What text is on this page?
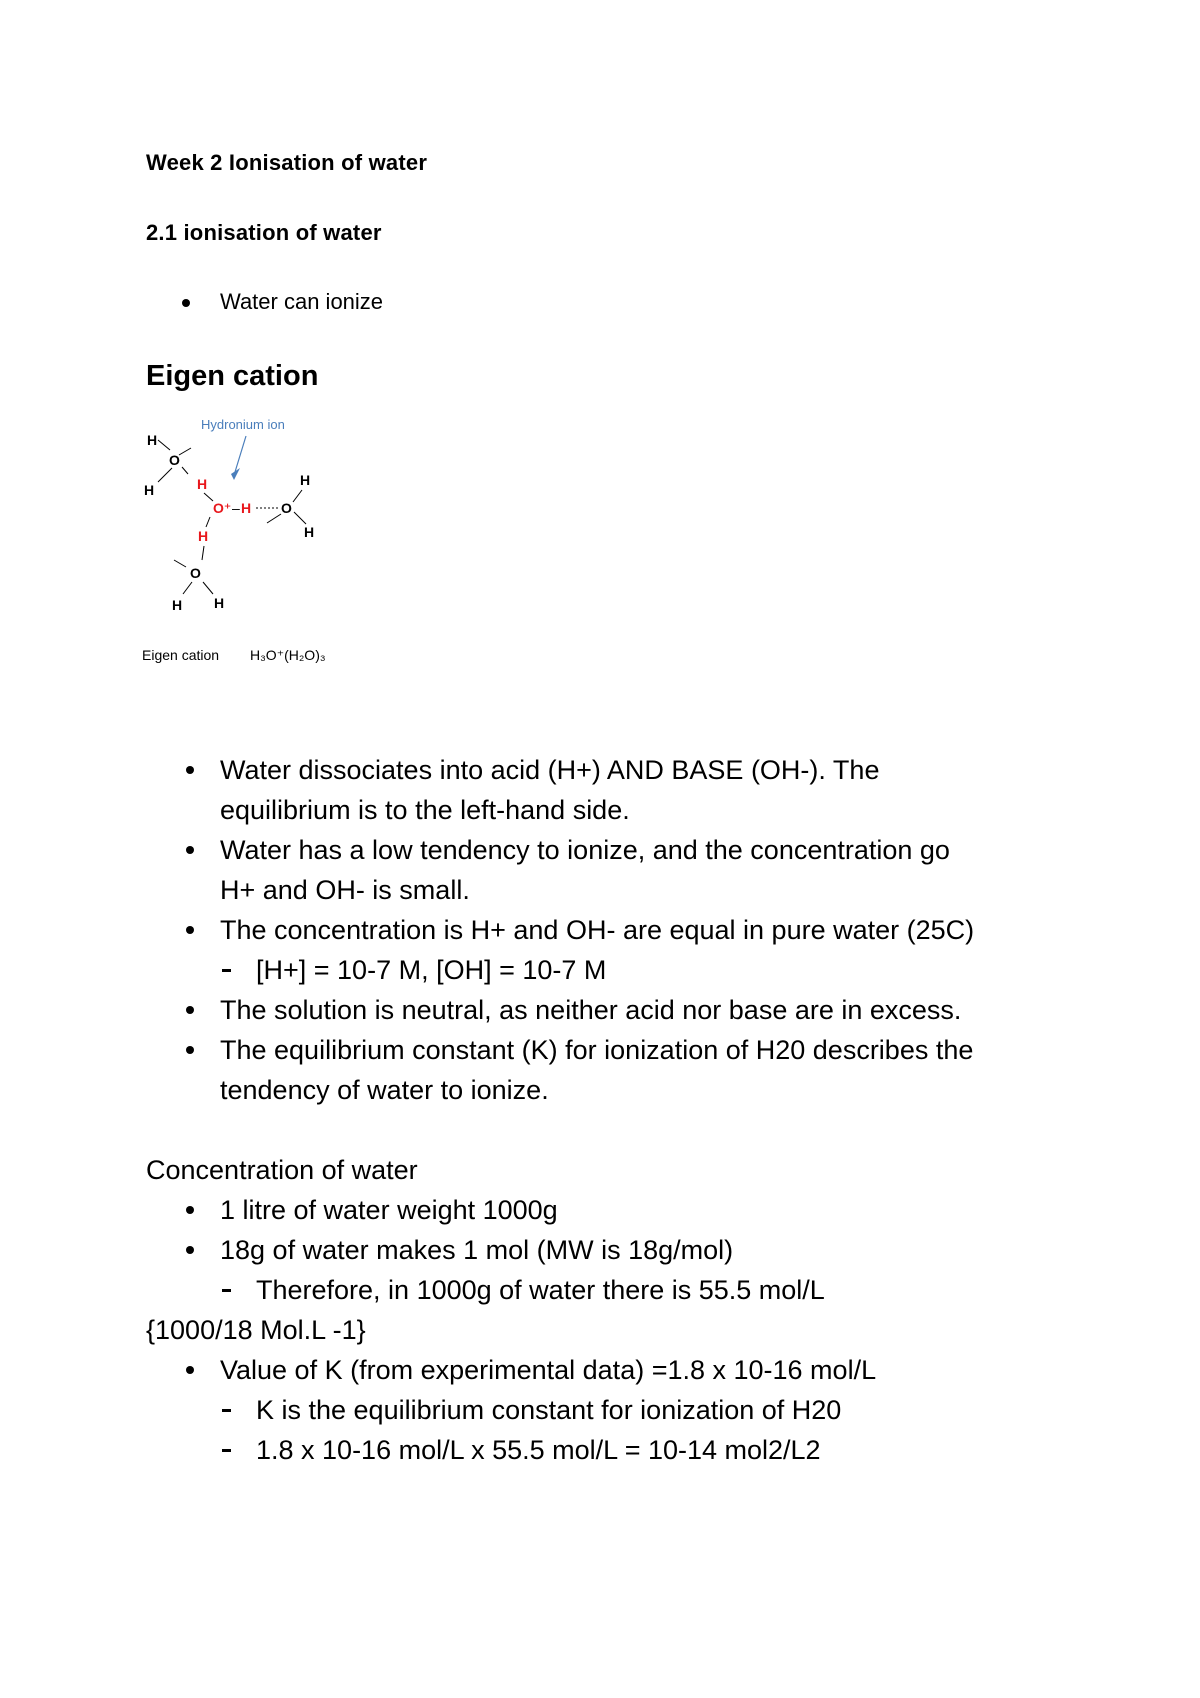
Week 2 Ionisation of water
2.1 ionisation of water
Water can ionize
Eigen cation
Hydronium ion
H
O
H	H
O⁺ – H O
H
H
H
O
H H
Eigen cation H₃O⁺(H₂O)₃
Water dissociates into acid (H+) AND BASE (OH-). The
equilibrium is to the left-hand side.
Water has a low tendency to ionize, and the concentration go
H+ and OH- is small.
The concentration is H+ and OH- are equal in pure water (25C)
[H+] = 10-7 M, [OH] = 10-7 M
The solution is neutral, as neither acid nor base are in excess.
The equilibrium constant (K) for ionization of H20 describes the
tendency of water to ionize.
Concentration of water
1 litre of water weight 1000g
18g of water makes 1 mol (MW is 18g/mol)
Therefore, in 1000g of water there is 55.5 mol/L
{1000/18 Mol.L -1}
Value of K (from experimental data) =1.8 x 10-16 mol/L
K is the equilibrium constant for ionization of H20
1.8 x 10-16 mol/L x 55.5 mol/L = 10-14 mol2/L2
